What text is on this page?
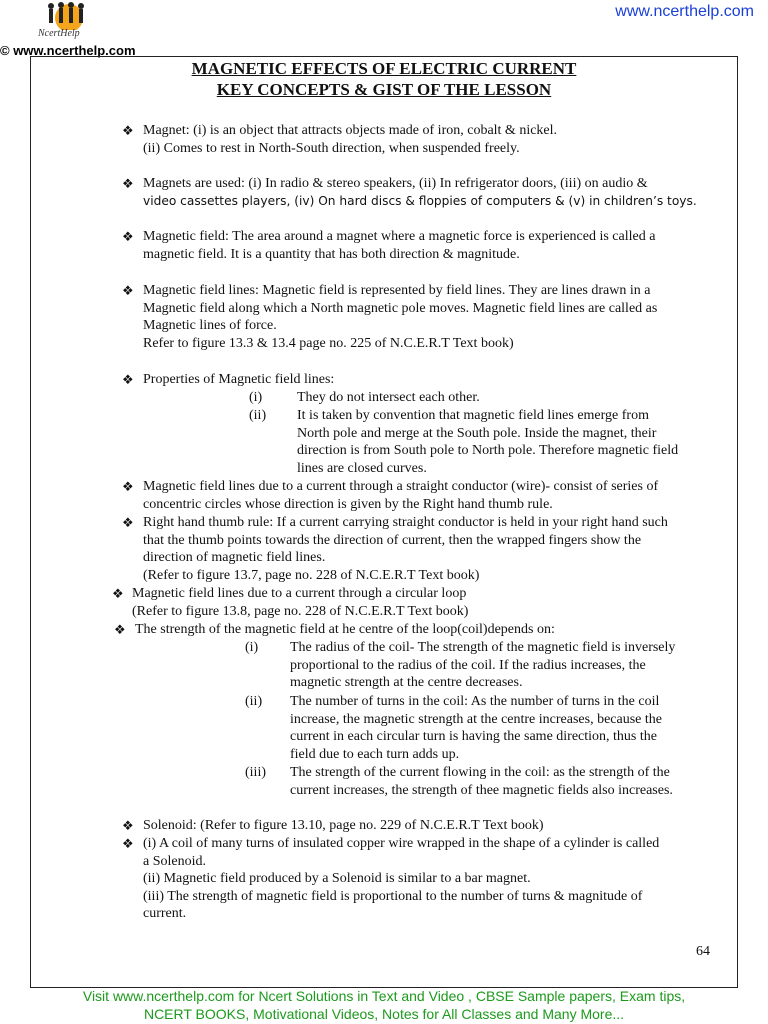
NcertHelp
www.ncerthelp.com
© www.ncerthelp.com
MAGNETIC EFFECTS OF ELECTRIC CURRENT
KEY CONCEPTS & GIST OF THE LESSON
❖ Magnet: (i) is an object that attracts objects made of iron, cobalt & nickel.
(ii) Comes to rest in North-South direction, when suspended freely.
❖ Magnets are used: (i) In radio & stereo speakers, (ii) In refrigerator doors, (iii) on audio &
video cassettes players, (iv) On hard discs & floppies of computers & (v) in children’s toys.
❖ Magnetic field: The area around a magnet where a magnetic force is experienced is called a
magnetic field. It is a quantity that has both direction & magnitude.
❖ Magnetic field lines: Magnetic field is represented by field lines. They are lines drawn in a
Magnetic field along which a North magnetic pole moves. Magnetic field lines are called as
Magnetic lines of force.
Refer to figure 13.3 & 13.4 page no. 225 of N.C.E.R.T Text book)
❖ Properties of Magnetic field lines:
(i) They do not intersect each other.
(ii) It is taken by convention that magnetic field lines emerge from
North pole and merge at the South pole. Inside the magnet, their
direction is from South pole to North pole. Therefore magnetic field
lines are closed curves.
❖ Magnetic field lines due to a current through a straight conductor (wire)- consist of series of
concentric circles whose direction is given by the Right hand thumb rule.
❖ Right hand thumb rule: If a current carrying straight conductor is held in your right hand such
that the thumb points towards the direction of current, then the wrapped fingers show the
direction of magnetic field lines.
(Refer to figure 13.7, page no. 228 of N.C.E.R.T Text book)
❖ Magnetic field lines due to a current through a circular loop
(Refer to figure 13.8, page no. 228 of N.C.E.R.T Text book)
❖ The strength of the magnetic field at he centre of the loop(coil)depends on:
(i) The radius of the coil- The strength of the magnetic field is inversely
proportional to the radius of the coil. If the radius increases, the
magnetic strength at the centre decreases.
(ii) The number of turns in the coil: As the number of turns in the coil
increase, the magnetic strength at the centre increases, because the
current in each circular turn is having the same direction, thus the
field due to each turn adds up.
(iii) The strength of the current flowing in the coil: as the strength of the
current increases, the strength of thee magnetic fields also increases.
❖ Solenoid: (Refer to figure 13.10, page no. 229 of N.C.E.R.T Text book)
❖ (i) A coil of many turns of insulated copper wire wrapped in the shape of a cylinder is called
a Solenoid.
(ii) Magnetic field produced by a Solenoid is similar to a bar magnet.
(iii) The strength of magnetic field is proportional to the number of turns & magnitude of
current.
64
Visit www.ncerthelp.com for Ncert Solutions in Text and Video , CBSE Sample papers, Exam tips,
NCERT BOOKS, Motivational Videos, Notes for All Classes and Many More...
